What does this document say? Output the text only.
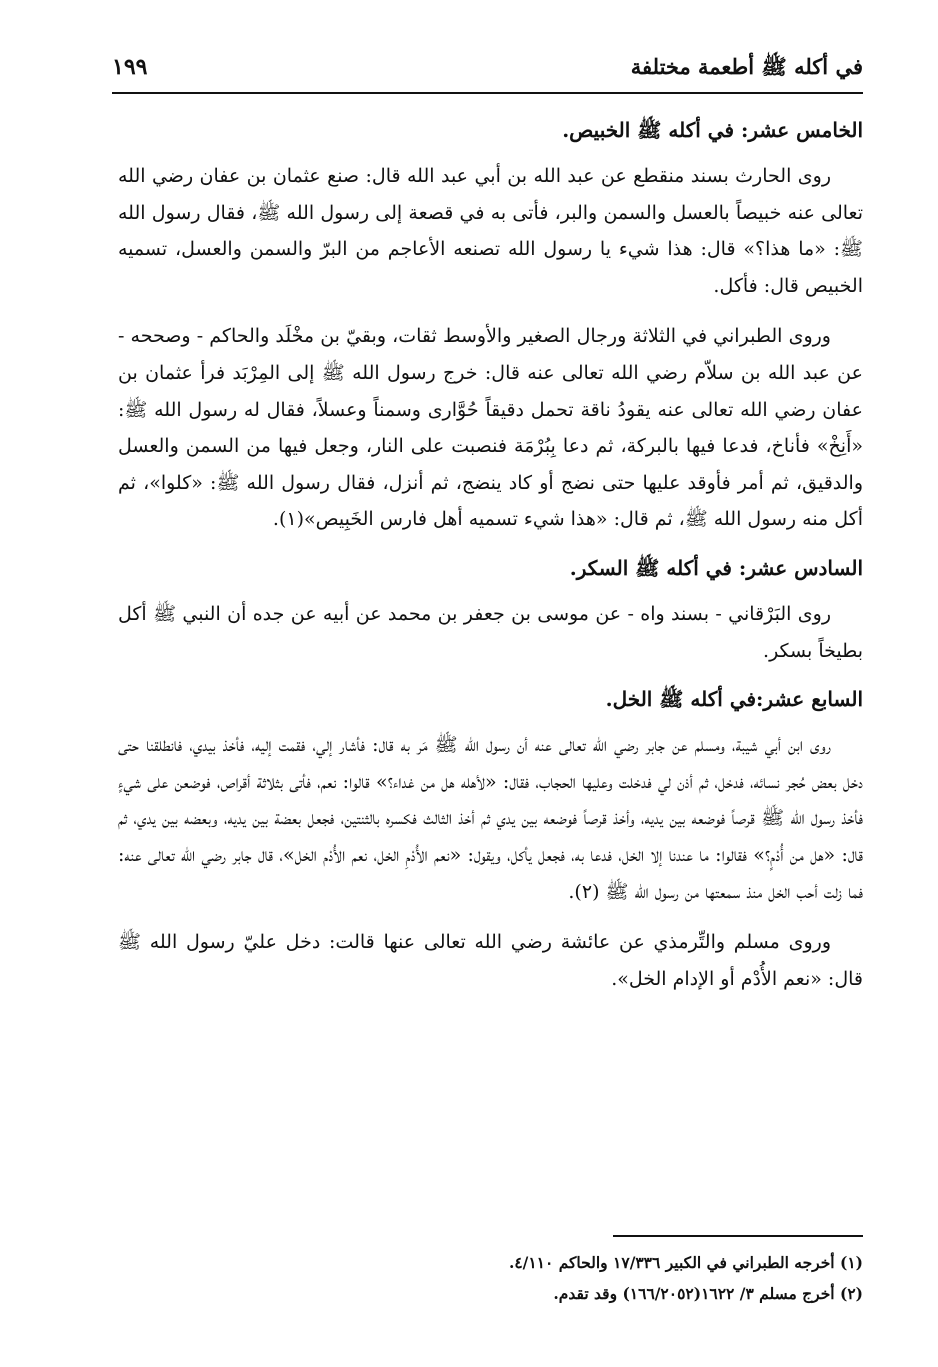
في أكله ﷺ أطعمة مختلفة
١٩٩
الخامس عشر: في أكله ﷺ الخبيص.

روى الحارث بسند منقطع عن عبد الله بن أبي عبد الله قال: صنع عثمان بن عفان رضي الله تعالى عنه خبيصاً بالعسل والسمن والبر، فأتى به في قصعة إلى رسول الله ﷺ، فقال رسول الله ﷺ: «ما هذا؟» قال: هذا شيء يا رسول الله تصنعه الأعاجم من البرّ والسمن والعسل، تسميه الخبيص قال: فأكل.

وروى الطبراني في الثلاثة ورجال الصغير والأوسط ثقات، وبقيّ بن مخْلَد والحاكم - وصححه - عن عبد الله بن سلاّم رضي الله تعالى عنه قال: خرج رسول الله ﷺ إلى المِرْبَد فرأ عثمان بن عفان رضي الله تعالى عنه يقودُ ناقة تحمل دقيقاً حُوَّارى وسمناً وعسلاً، فقال له رسول الله ﷺ: «أَنِخْ» فأناخ، فدعا فيها بالبركة، ثم دعا بِبُرْمَة فنصبت على النار، وجعل فيها من السمن والعسل والدقيق، ثم أمر فأوقد عليها حتى نضج أو كاد ينضج، ثم أنزل، فقال رسول الله ﷺ: «كلوا»، ثم أكل منه رسول الله ﷺ، ثم قال: «هذا شيء تسميه أهل فارس الخَبِيص»(١).

السادس عشر: في أكله ﷺ السكر.

روى البَرْقاني - بسند واه - عن موسى بن جعفر بن محمد عن أبيه عن جده أن النبي ﷺ أكل بطيخاً بسكر.

السابع عشر:في أكله ﷺ الخل.

روى ابن أبي شيبة، ومسلم عن جابر رضي الله تعالى عنه أن رسول الله ﷺ مَر به قال: فأشار إلي، فقمت إليه، فأخذ بيدي، فانطلقنا حتى دخل بعض حُجر نسائه، فدخل، ثم أذن لي فدخلت وعليها الحجاب، فقال: «لأهله هل من غداء؟» قالوا: نعم، فأتى بثلاثة أقراص، فوضعن على شيءٍ فأخذ رسول الله ﷺ قرصاً فوضعه بين يديه، وأخذ قرصاً فوضعه بين يدي ثم أخذ الثالث فكسره بالثنتين، فجعل بعضة بين يديه، وبعضه بين يدي، ثم قال: «هل من أُدْمٍ؟» فقالوا: ما عندنا إلا الخل، فدعا به، فجعل يأكل، ويقول: «نعم الأُدْمِ الخل، نعم الأُدْم الخل»، قال جابر رضي الله تعالى عنه: فما زلت أحب الخل منذ سمعتها من رسول الله ﷺ (٢).

وروى مسلم والتِّرمذي عن عائشة رضي الله تعالى عنها قالت: دخل عليّ رسول الله ﷺ قال: «نعم الأُدْم أو الإدام الخل».

(١) أخرجه الطبراني في الكبير ١٧/٣٣٦ والحاكم ٤/١١٠.

(٢) أخرج مسلم ٣/ ١٦٢٢(١٦٦/٢٠٥٢) وقد تقدم.
